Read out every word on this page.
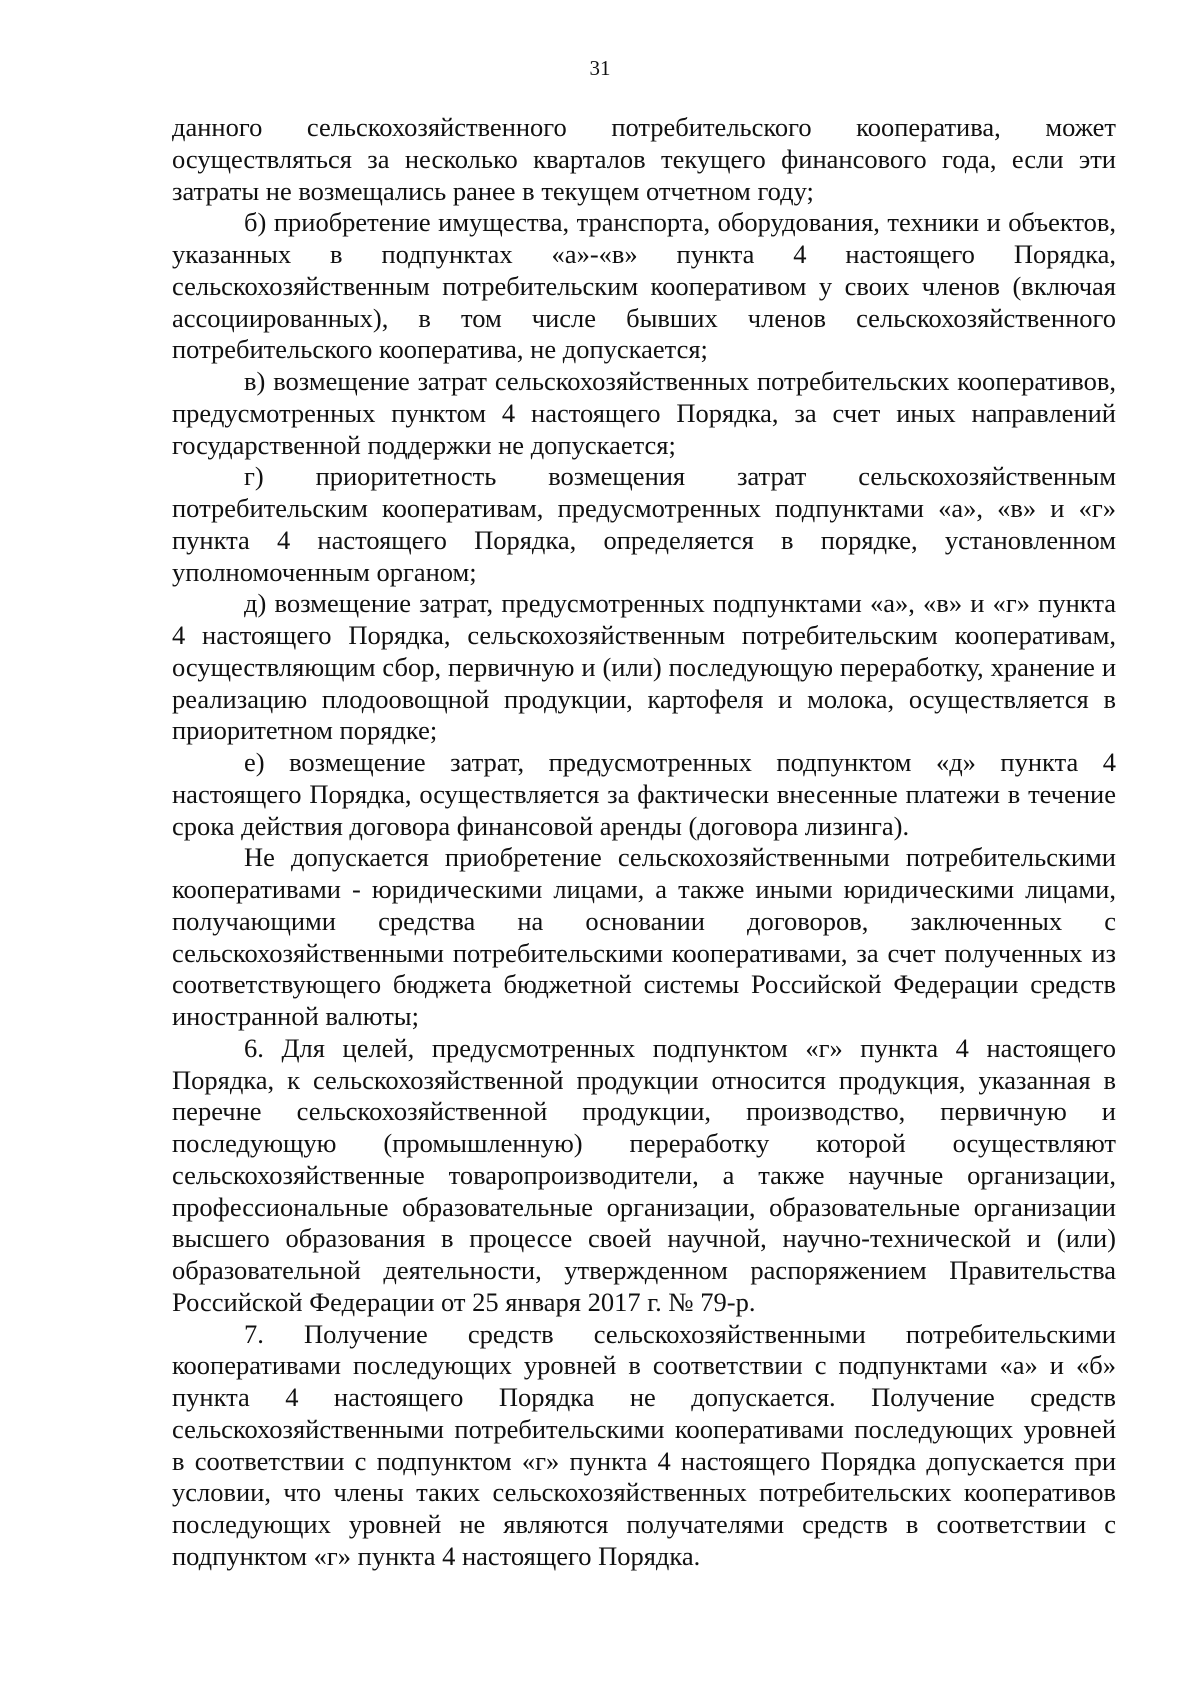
31

данного сельскохозяйственного потребительского кооператива, может осуществляться за несколько кварталов текущего финансового года, если эти затраты не возмещались ранее в текущем отчетном году;

б) приобретение имущества, транспорта, оборудования, техники и объектов, указанных в подпунктах «а»-«в» пункта 4 настоящего Порядка, сельскохозяйственным потребительским кооперативом у своих членов (включая ассоциированных), в том числе бывших членов сельскохозяйственного потребительского кооператива, не допускается;

в) возмещение затрат сельскохозяйственных потребительских кооперативов, предусмотренных пунктом 4 настоящего Порядка, за счет иных направлений государственной поддержки не допускается;

г) приоритетность возмещения затрат сельскохозяйственным потребительским кооперативам, предусмотренных подпунктами «а», «в» и «г» пункта 4 настоящего Порядка, определяется в порядке, установленном уполномоченным органом;

д) возмещение затрат, предусмотренных подпунктами «а», «в» и «г» пункта 4 настоящего Порядка, сельскохозяйственным потребительским кооперативам, осуществляющим сбор, первичную и (или) последующую переработку, хранение и реализацию плодоовощной продукции, картофеля и молока, осуществляется в приоритетном порядке;

е) возмещение затрат, предусмотренных подпунктом «д» пункта 4 настоящего Порядка, осуществляется за фактически внесенные платежи в течение срока действия договора финансовой аренды (договора лизинга).

Не допускается приобретение сельскохозяйственными потребительскими кооперативами - юридическими лицами, а также иными юридическими лицами, получающими средства на основании договоров, заключенных с сельскохозяйственными потребительскими кооперативами, за счет полученных из соответствующего бюджета бюджетной системы Российской Федерации средств иностранной валюты;

6. Для целей, предусмотренных подпунктом «г» пункта 4 настоящего Порядка, к сельскохозяйственной продукции относится продукция, указанная в перечне сельскохозяйственной продукции, производство, первичную и последующую (промышленную) переработку которой осуществляют сельскохозяйственные товаропроизводители, а также научные организации, профессиональные образовательные организации, образовательные организации высшего образования в процессе своей научной, научно-технической и (или) образовательной деятельности, утвержденном распоряжением Правительства Российской Федерации от 25 января 2017 г. № 79-р.

7. Получение средств сельскохозяйственными потребительскими кооперативами последующих уровней в соответствии с подпунктами «а» и «б» пункта 4 настоящего Порядка не допускается. Получение средств сельскохозяйственными потребительскими кооперативами последующих уровней в соответствии с подпунктом «г» пункта 4 настоящего Порядка допускается при условии, что члены таких сельскохозяйственных потребительских кооперативов последующих уровней не являются получателями средств в соответствии с подпунктом «г» пункта 4 настоящего Порядка.
